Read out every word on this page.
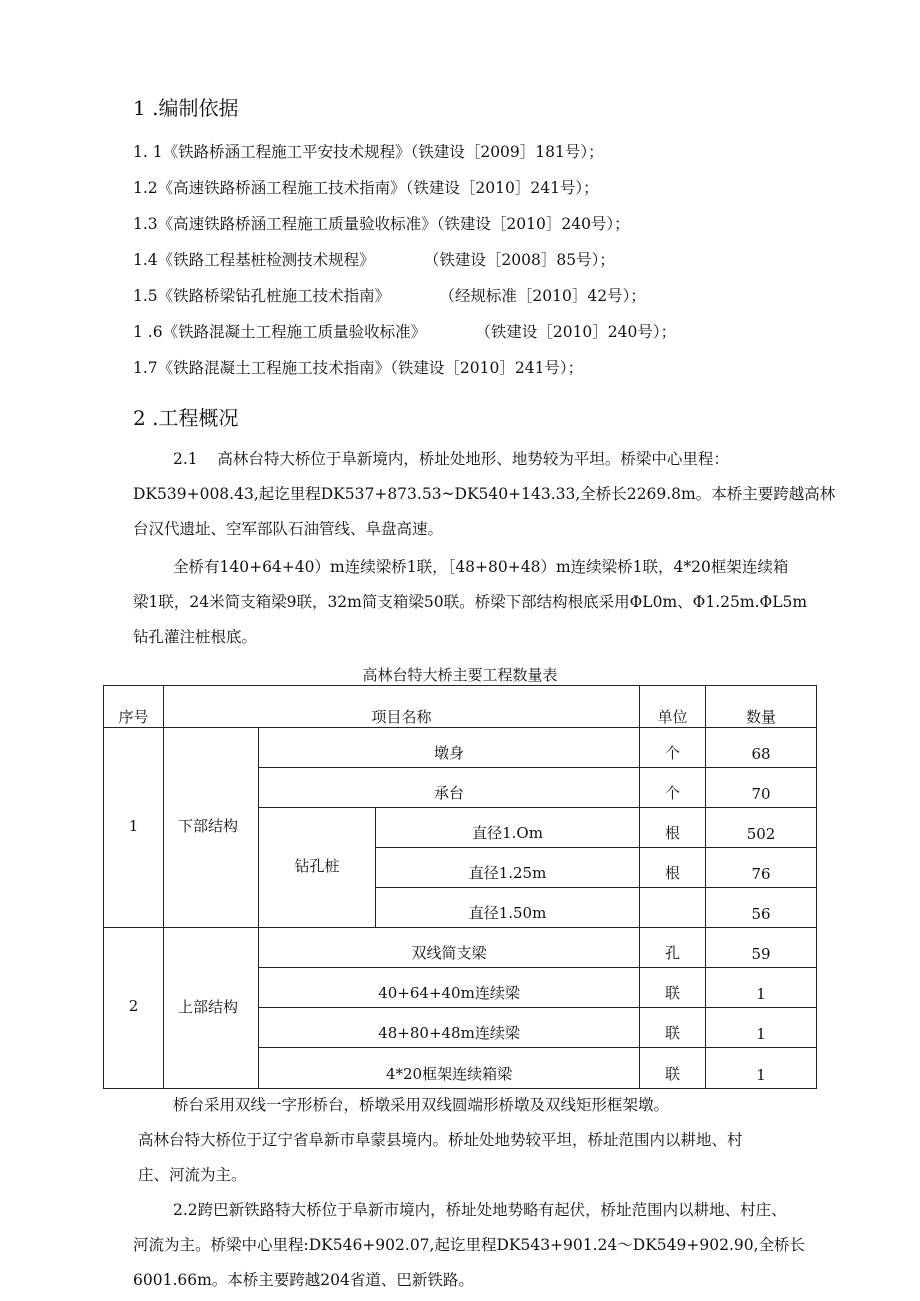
1 .编制依据
1. 1《铁路桥涵工程施工平安技术规程》（铁建设［2009］181号）；
1.2《高速铁路桥涵工程施工技术指南》（铁建设［2010］241号）；
1.3《高速铁路桥涵工程施工质量验收标准》（铁建设［2010］240号）；
1.4《铁路工程基桩检测技术规程》          （铁建设［2008］85号）；
1.5《铁路桥梁钻孔桩施工技术指南》          （经规标准［2010］42号）；
1 .6《铁路混凝土工程施工质量验收标准》          （铁建设［2010］240号）；
1.7《铁路混凝土工程施工技术指南》（铁建设［2010］241号）；
2 .工程概况
2.1    高林台特大桥位于阜新境内，桥址处地形、地势较为平坦。桥梁中心里程：
DK539+008.43,起讫里程DK537+873.53~DK540+143.33,全桥长2269.8m。本桥主要跨越高林
台汉代遗址、空军部队石油管线、阜盘高速。
全桥有140+64+40）m连续梁桥1联，［48+80+48）m连续梁桥1联，4*20框架连续箱
梁1联，24米简支箱梁9联，32m简支箱梁50联。桥梁下部结构根底采用ΦL0m、Φ1.25m.ΦL5m
钻孔灌注桩根底。
高林台特大桥主要工程数量表
序号	项目名称			单位	数量
1	下部结构	墩身		个	68
		承台		个	70
		钻孔桩	直径1.Om	根	502
			直径1.25m	根	76
			直径1.50m		56
2	上部结构	双线简支梁		孔	59
		40+64+40m连续梁		联	1
		48+80+48m连续梁		联	1
		4*20框架连续箱梁		联	1
桥台采用双线一字形桥台，桥墩采用双线圆端形桥墩及双线矩形框架墩。
高林台特大桥位于辽宁省阜新市阜蒙县境内。桥址处地势较平坦，桥址范围内以耕地、村
庄、河流为主。
2.2跨巴新铁路特大桥位于阜新市境内，桥址处地势略有起伏，桥址范围内以耕地、村庄、
河流为主。桥梁中心里程:DK546+902.07,起讫里程DK543+901.24～DK549+902.90,全桥长
6001.66m。本桥主要跨越204省道、巴新铁路。
